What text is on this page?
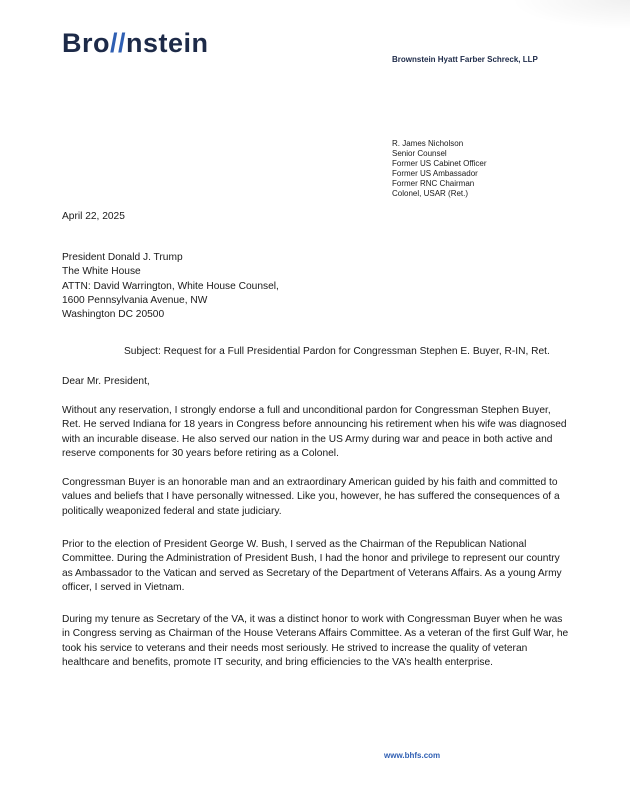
Bro//nstein
Brownstein Hyatt Farber Schreck, LLP
R. James Nicholson
Senior Counsel
Former US Cabinet Officer
Former US Ambassador
Former RNC Chairman
Colonel, USAR (Ret.)
April 22, 2025
President Donald J. Trump
The White House
ATTN: David Warrington, White House Counsel,
1600 Pennsylvania Avenue, NW
Washington DC 20500
Subject: Request for a Full Presidential Pardon for Congressman Stephen E. Buyer, R-IN, Ret.
Dear Mr. President,
Without any reservation, I strongly endorse a full and unconditional pardon for Congressman Stephen Buyer, Ret. He served Indiana for 18 years in Congress before announcing his retirement when his wife was diagnosed with an incurable disease. He also served our nation in the US Army during war and peace in both active and reserve components for 30 years before retiring as a Colonel.
Congressman Buyer is an honorable man and an extraordinary American guided by his faith and committed to values and beliefs that I have personally witnessed. Like you, however, he has suffered the consequences of a politically weaponized federal and state judiciary.
Prior to the election of President George W. Bush, I served as the Chairman of the Republican National Committee. During the Administration of President Bush, I had the honor and privilege to represent our country as Ambassador to the Vatican and served as Secretary of the Department of Veterans Affairs. As a young Army officer, I served in Vietnam.
During my tenure as Secretary of the VA, it was a distinct honor to work with Congressman Buyer when he was in Congress serving as Chairman of the House Veterans Affairs Committee. As a veteran of the first Gulf War, he took his service to veterans and their needs most seriously. He strived to increase the quality of veteran healthcare and benefits, promote IT security, and bring efficiencies to the VA’s health enterprise.
www.bhfs.com
